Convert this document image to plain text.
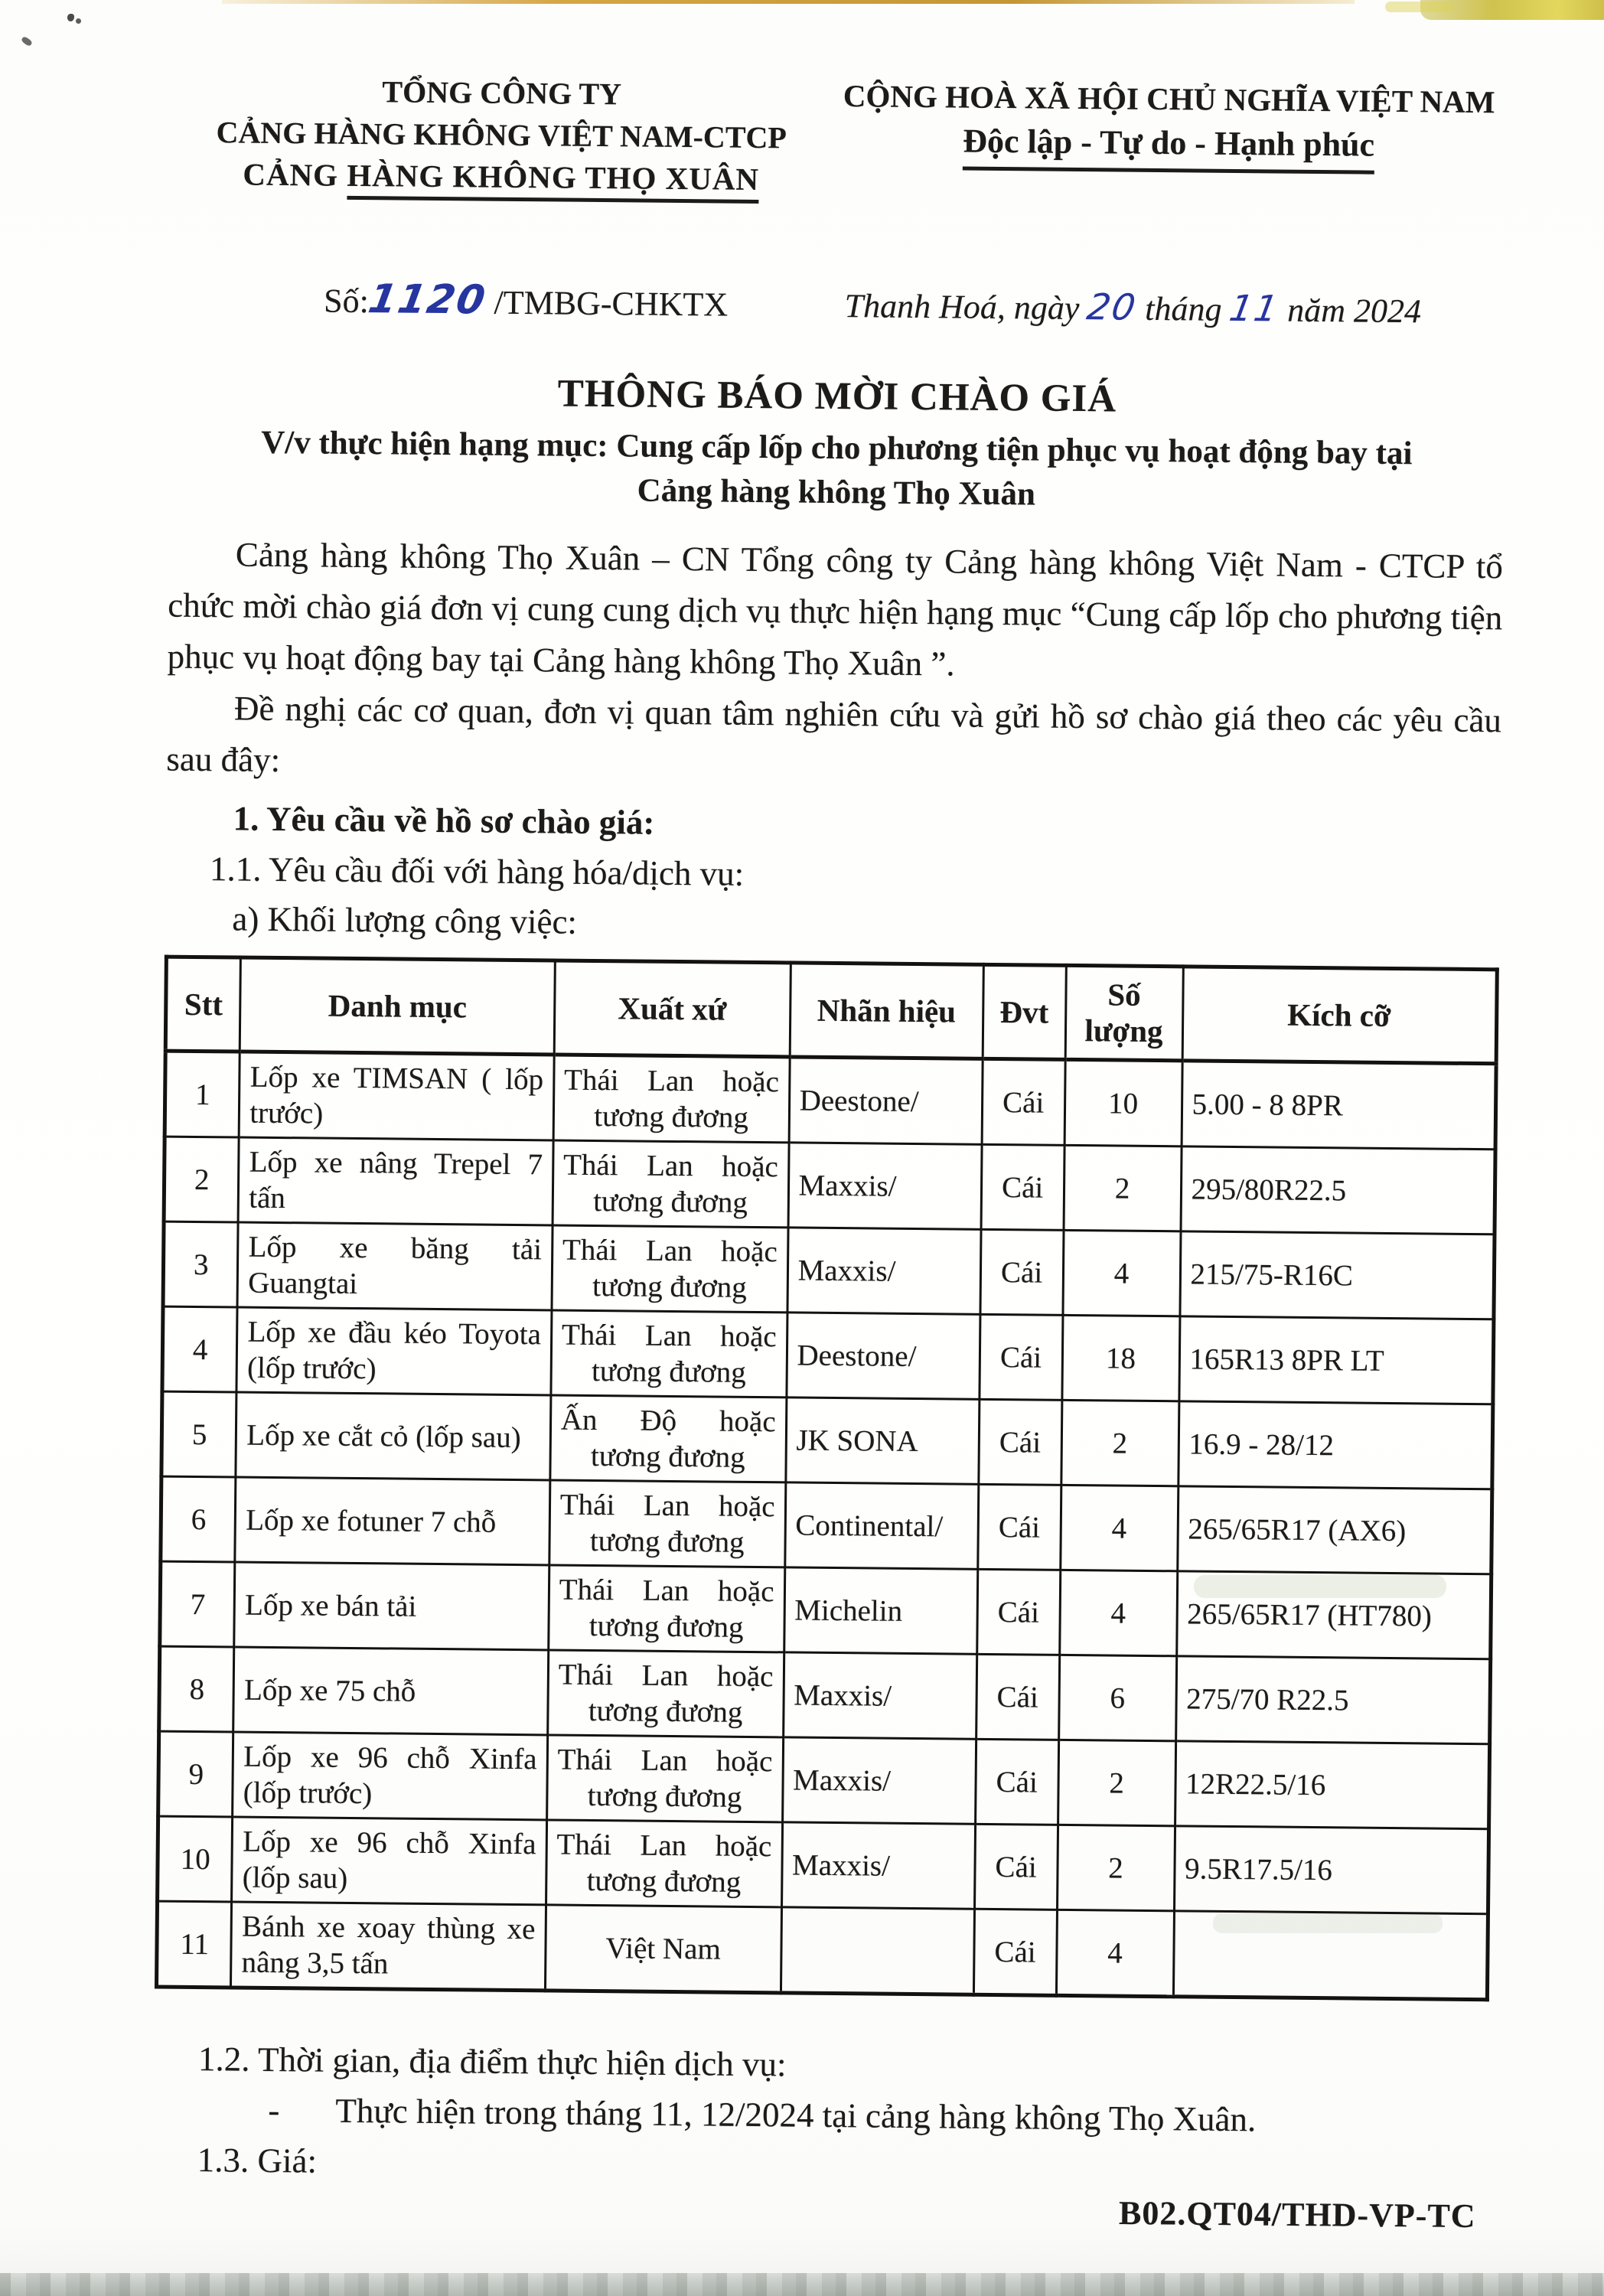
TỔNG CÔNG TY
CẢNG HÀNG KHÔNG VIỆT NAM-CTCP
CẢNG HÀNG KHÔNG THỌ XUÂN
CỘNG HOÀ XÃ HỘI CHỦ NGHĨA VIỆT NAM
Độc lập - Tự do - Hạnh phúc
Số:1120 /TMBG-CHKTX	Thanh Hoá, ngày 20 tháng 11 năm 2024
THÔNG BÁO MỜI CHÀO GIÁ
V/v thực hiện hạng mục: Cung cấp lốp cho phương tiện phục vụ hoạt động bay tại
Cảng hàng không Thọ Xuân
Cảng hàng không Thọ Xuân – CN Tổng công ty Cảng hàng không Việt Nam - CTCP tổ chức mời chào giá đơn vị cung cung dịch vụ thực hiện hạng mục “Cung cấp lốp cho phương tiện phục vụ hoạt động bay tại Cảng hàng không Thọ Xuân ”.
Đề nghị các cơ quan, đơn vị quan tâm nghiên cứu và gửi hồ sơ chào giá theo các yêu cầu sau đây:
1. Yêu cầu về hồ sơ chào giá:
1.1. Yêu cầu đối với hàng hóa/dịch vụ:
a) Khối lượng công việc:
Stt	Danh mục	Xuất xứ	Nhãn hiệu	Đvt	Số lượng	Kích cỡ
1	Lốp xe TIMSAN ( lốp trước)	Thái Lan hoặc tương đương	Deestone/	Cái	10	5.00 - 8 8PR
2	Lốp xe nâng Trepel 7 tấn	Thái Lan hoặc tương đương	Maxxis/	Cái	2	295/80R22.5
3	Lốp xe băng tải Guangtai	Thái Lan hoặc tương đương	Maxxis/	Cái	4	215/75-R16C
4	Lốp xe đầu kéo Toyota (lốp trước)	Thái Lan hoặc tương đương	Deestone/	Cái	18	165R13 8PR LT
5	Lốp xe cắt cỏ (lốp sau)	Ấn Độ hoặc tương đương	JK SONA	Cái	2	16.9 - 28/12
6	Lốp xe fotuner 7 chỗ	Thái Lan hoặc tương đương	Continental/	Cái	4	265/65R17 (AX6)
7	Lốp xe bán tải	Thái Lan hoặc tương đương	Michelin	Cái	4	265/65R17 (HT780)
8	Lốp xe 75 chỗ	Thái Lan hoặc tương đương	Maxxis/	Cái	6	275/70 R22.5
9	Lốp xe 96 chỗ Xinfa (lốp trước)	Thái Lan hoặc tương đương	Maxxis/	Cái	2	12R22.5/16
10	Lốp xe 96 chỗ Xinfa (lốp sau)	Thái Lan hoặc tương đương	Maxxis/	Cái	2	9.5R17.5/16
11	Bánh xe xoay thùng xe nâng 3,5 tấn	Việt Nam		Cái	4	
1.2. Thời gian, địa điểm thực hiện dịch vụ:
- Thực hiện trong tháng 11, 12/2024 tại cảng hàng không Thọ Xuân.
1.3. Giá:
B02.QT04/THD-VP-TC
